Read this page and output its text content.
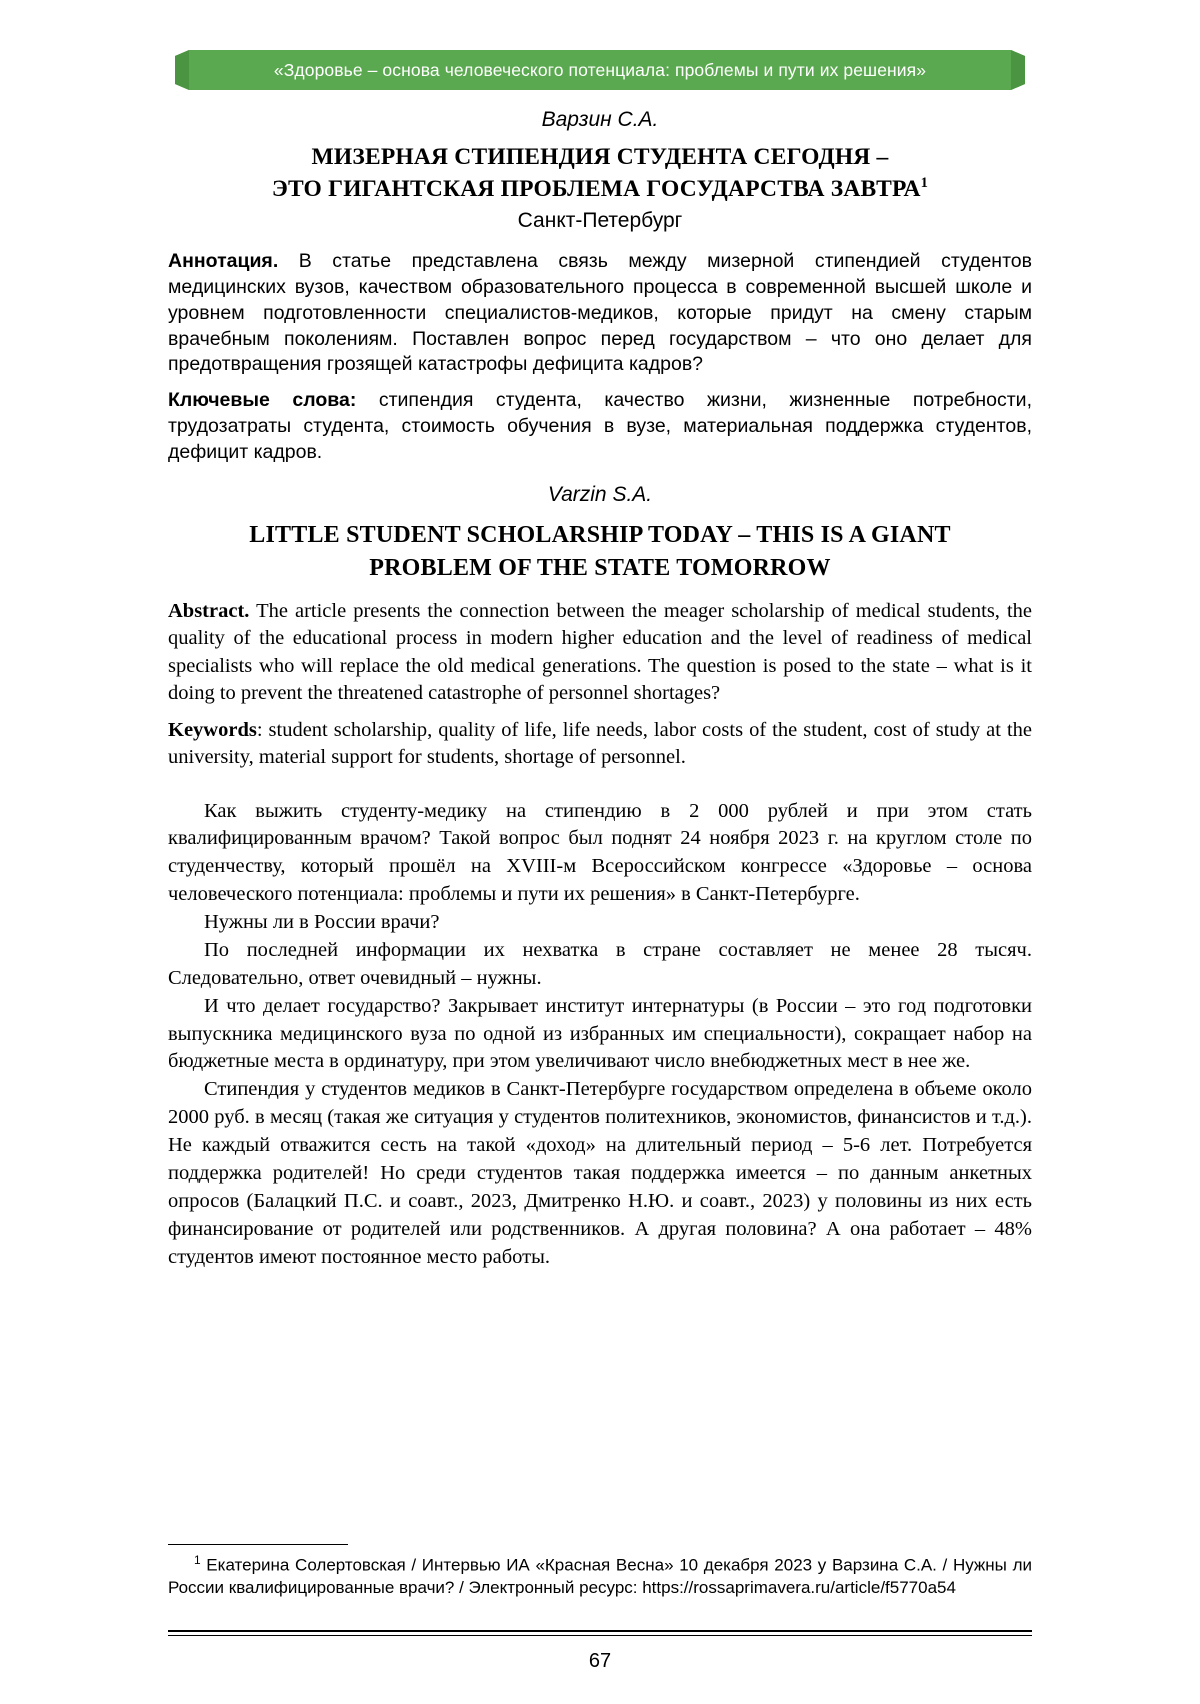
«Здоровье – основа человеческого потенциала: проблемы и пути их решения»
Варзин С.А.
МИЗЕРНАЯ СТИПЕНДИЯ СТУДЕНТА СЕГОДНЯ –
ЭТО ГИГАНТСКАЯ ПРОБЛЕМА ГОСУДАРСТВА ЗАВТРА$^1$
Санкт-Петербург

Аннотация. В статье представлена связь между мизерной стипендией студентов медицинских вузов, качеством образовательного процесса в современной высшей школе и уровнем подготовленности специалистов-медиков, которые придут на смену старым врачебным поколениям. Поставлен вопрос перед государством – что оно делает для предотвращения грозящей катастрофы дефицита кадров?

Ключевые слова: стипендия студента, качество жизни, жизненные потребности, трудозатраты студента, стоимость обучения в вузе, материальная поддержка студентов, дефицит кадров.

Varzin S.A.
LITTLE STUDENT SCHOLARSHIP TODAY – THIS IS A GIANT
PROBLEM OF THE STATE TOMORROW

Abstract. The article presents the connection between the meager scholarship of medical students, the quality of the educational process in modern higher education and the level of readiness of medical specialists who will replace the old medical generations. The question is posed to the state – what is it doing to prevent the threatened catastrophe of personnel shortages?

Keywords: student scholarship, quality of life, life needs, labor costs of the student, cost of study at the university, material support for students, shortage of personnel.

Как выжить студенту-медику на стипендию в 2 000 рублей и при этом стать квалифицированным врачом? Такой вопрос был поднят 24 ноября 2023 г. на круглом столе по студенчеству, который прошёл на XVIII-м Всероссийском конгрессе «Здоровье – основа человеческого потенциала: проблемы и пути их решения» в Санкт-Петербурге.

Нужны ли в России врачи?

По последней информации их нехватка в стране составляет не менее 28 тысяч. Следовательно, ответ очевидный – нужны.

И что делает государство? Закрывает институт интернатуры (в России – это год подготовки выпускника медицинского вуза по одной из избранных им специальности), сокращает набор на бюджетные места в ординатуру, при этом увеличивают число внебюджетных мест в нее же.

Стипендия у студентов медиков в Санкт-Петербурге государством определена в объеме около 2000 руб. в месяц (такая же ситуация у студентов политехников, экономистов, финансистов и т.д.). Не каждый отважится сесть на такой «доход» на длительный период – 5-6 лет. Потребуется поддержка родителей! Но среди студентов такая поддержка имеется – по данным анкетных опросов (Балацкий П.С. и соавт., 2023, Дмитренко Н.Ю. и соавт., 2023) у половины из них есть финансирование от родителей или родственников. А другая половина? А она работает – 48% студентов имеют постоянное место работы.

$^1$ Екатерина Солертовская / Интервью ИА «Красная Весна» 10 декабря 2023 у Варзина С.А. / Нужны ли России квалифицированные врачи? / Электронный ресурс: https://rossaprimavera.ru/article/f5770a54

67
